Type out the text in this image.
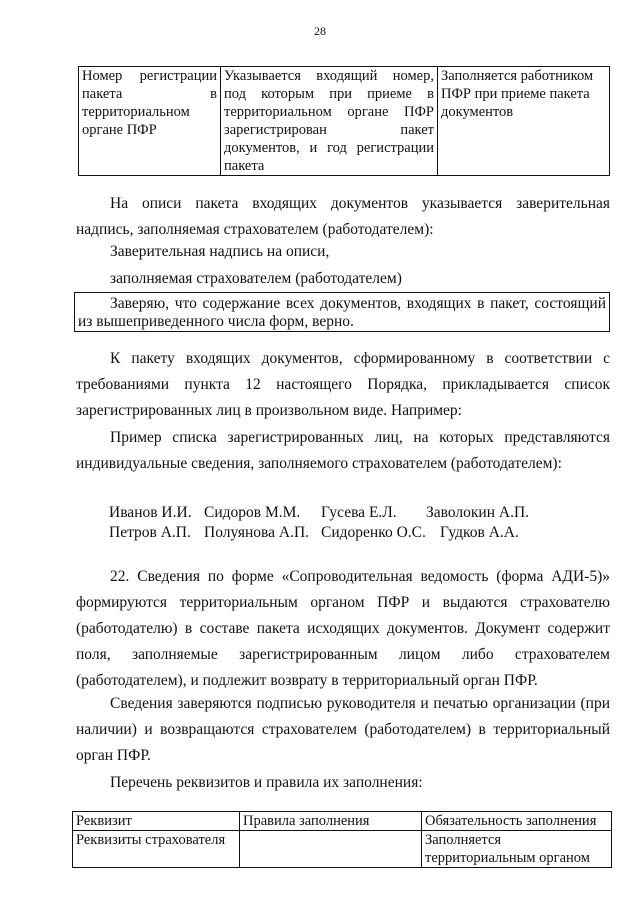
28
Номер регистрации пакета в территориальном органе ПФР	Указывается входящий номер, под которым при приеме в территориальном органе ПФР зарегистрирован пакет документов, и год регистрации пакета	Заполняется работником ПФР при приеме пакета документов

На описи пакета входящих документов указывается заверительная надпись, заполняемая страхователем (работодателем):

Заверительная надпись на описи,

заполняемая страхователем (работодателем)

Заверяю, что содержание всех документов, входящих в пакет, состоящий из вышеприведенного числа форм, верно.

К пакету входящих документов, сформированному в соответствии с требованиями пункта 12 настоящего Порядка, прикладывается список зарегистрированных лиц в произвольном виде. Например:

Пример списка зарегистрированных лиц, на которых представляются индивидуальные сведения, заполняемого страхователем (работодателем):

Иванов И.И. Сидоров М.М. Гусева Е.Л. Заволокин А.П.
Петров А.П. Полуянова А.П. Сидоренко О.С. Гудков А.А.

22. Сведения по форме «Сопроводительная ведомость (форма АДИ-5)» формируются территориальным органом ПФР и выдаются страхователю (работодателю) в составе пакета исходящих документов. Документ содержит поля, заполняемые зарегистрированным лицом либо страхователем (работодателем), и подлежит возврату в территориальный орган ПФР.

Сведения заверяются подписью руководителя и печатью организации (при наличии) и возвращаются страхователем (работодателем) в территориальный орган ПФР.

Перечень реквизитов и правила их заполнения:

Реквизит	Правила заполнения	Обязательность заполнения
Реквизиты страхователя		Заполняется территориальным органом
